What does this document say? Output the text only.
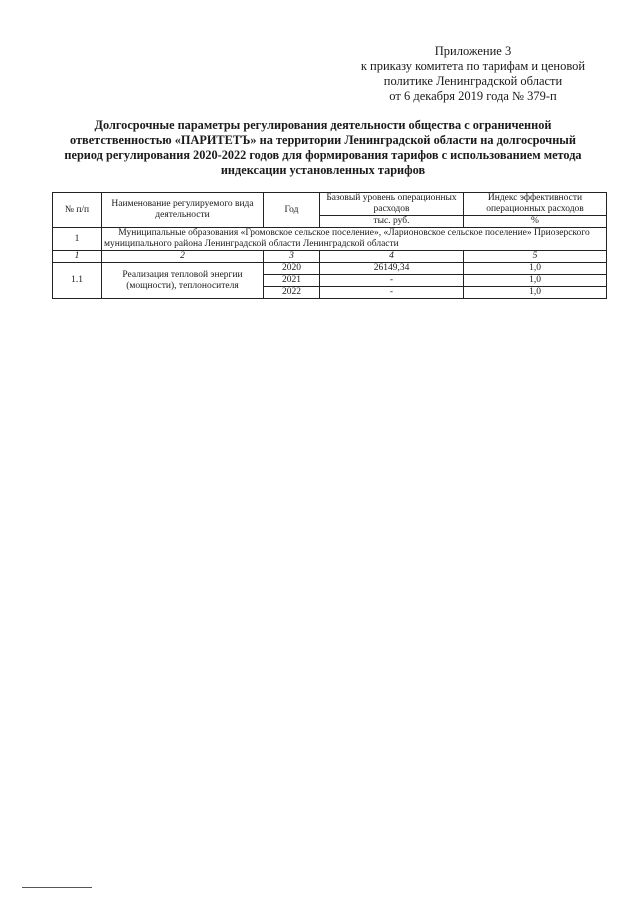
Приложение 3
к приказу комитета по тарифам и ценовой
политике Ленинградской области
от 6 декабря 2019 года № 379-п
Долгосрочные параметры регулирования деятельности общества с ограниченной
ответственностью «ПАРИТЕТЪ» на территории Ленинградской области на долгосрочный
период регулирования 2020-2022 годов для формирования тарифов с использованием метода
индексации установленных тарифов
№ п/п	Наименование регулируемого вида деятельности	Год	Базовый уровень операционных расходов	Индекс эффективности операционных расходов
			тыс. руб.	%
1	Муниципальные образования «Громовское сельское поселение», «Ларионовское сельское поселение» Приозерского муниципального района Ленинградской области Ленинградской области			
1	2	3	4	5
1.1	Реализация тепловой энергии (мощности), теплоносителя	2020	26149,34	1,0
		2021	-	1,0
		2022	-	1,0
